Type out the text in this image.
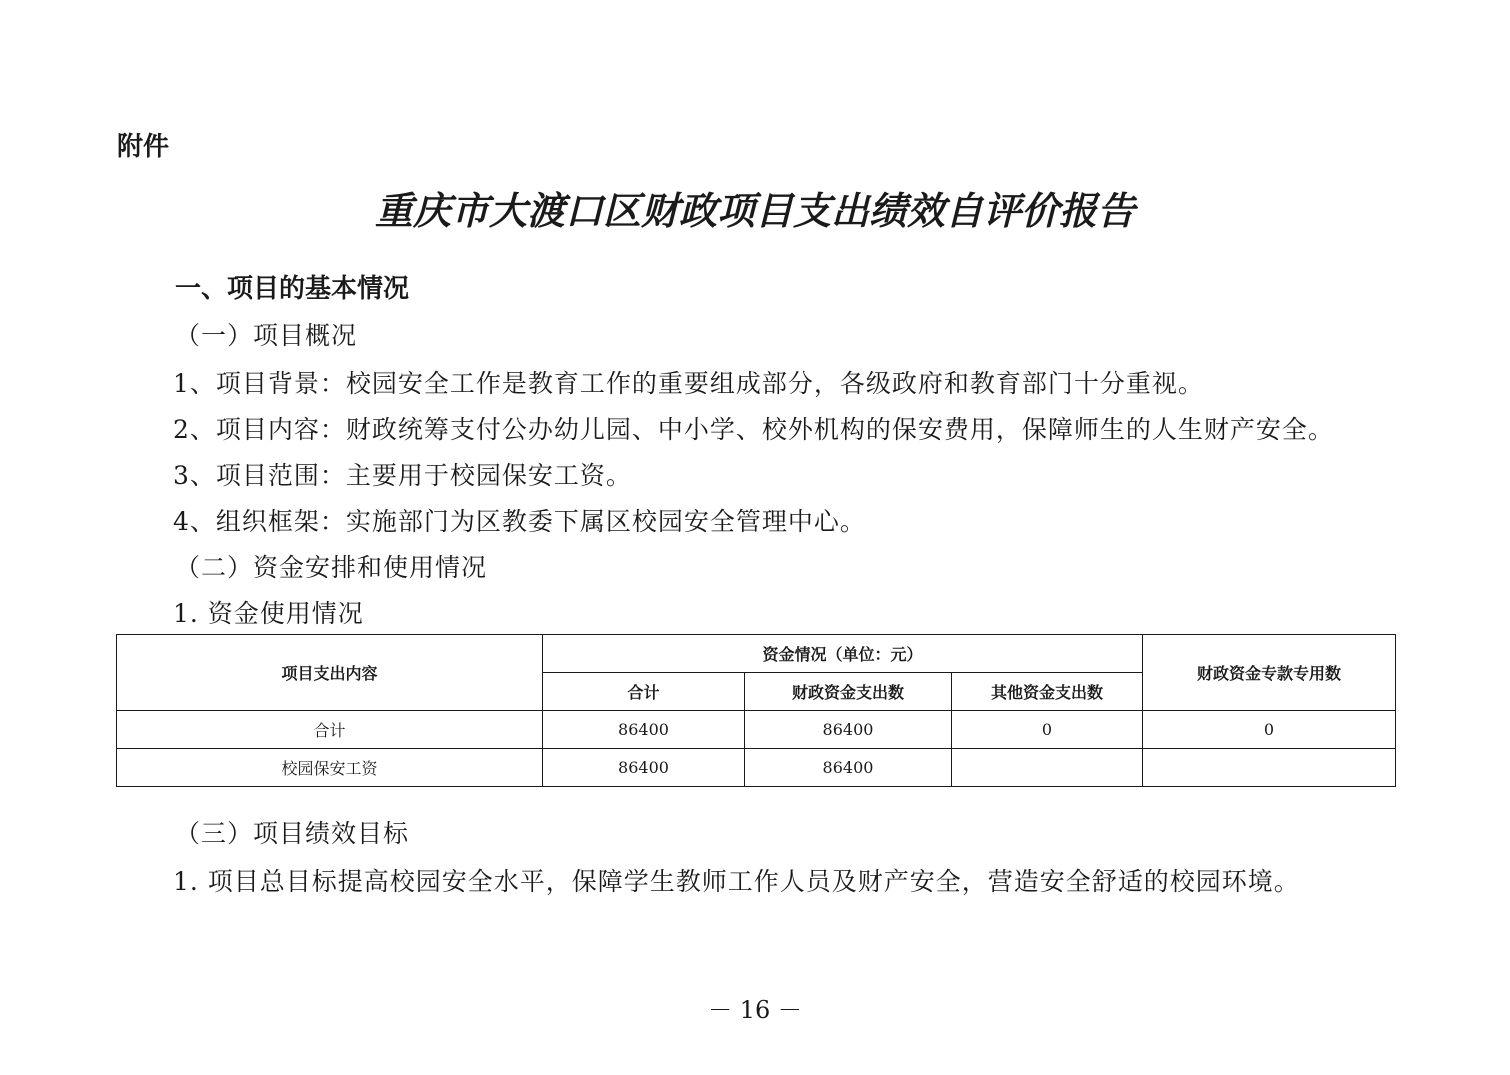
附件
重庆市大渡口区财政项目支出绩效自评价报告
一、项目的基本情况
（一）项目概况
1、项目背景：校园安全工作是教育工作的重要组成部分，各级政府和教育部门十分重视。
2、项目内容：财政统筹支付公办幼儿园、中小学、校外机构的保安费用，保障师生的人生财产安全。
3、项目范围：主要用于校园保安工资。
4、组织框架：实施部门为区教委下属区校园安全管理中心。
（二）资金安排和使用情况
1. 资金使用情况
项目支出内容	资金情况（单位：元）			财政资金专款专用数
	合计	财政资金支出数	其他资金支出数	
合计	86400	86400	0	0
校园保安工资	86400	86400		
（三）项目绩效目标
1. 项目总目标提高校园安全水平，保障学生教师工作人员及财产安全，营造安全舒适的校园环境。
－ 16 －
